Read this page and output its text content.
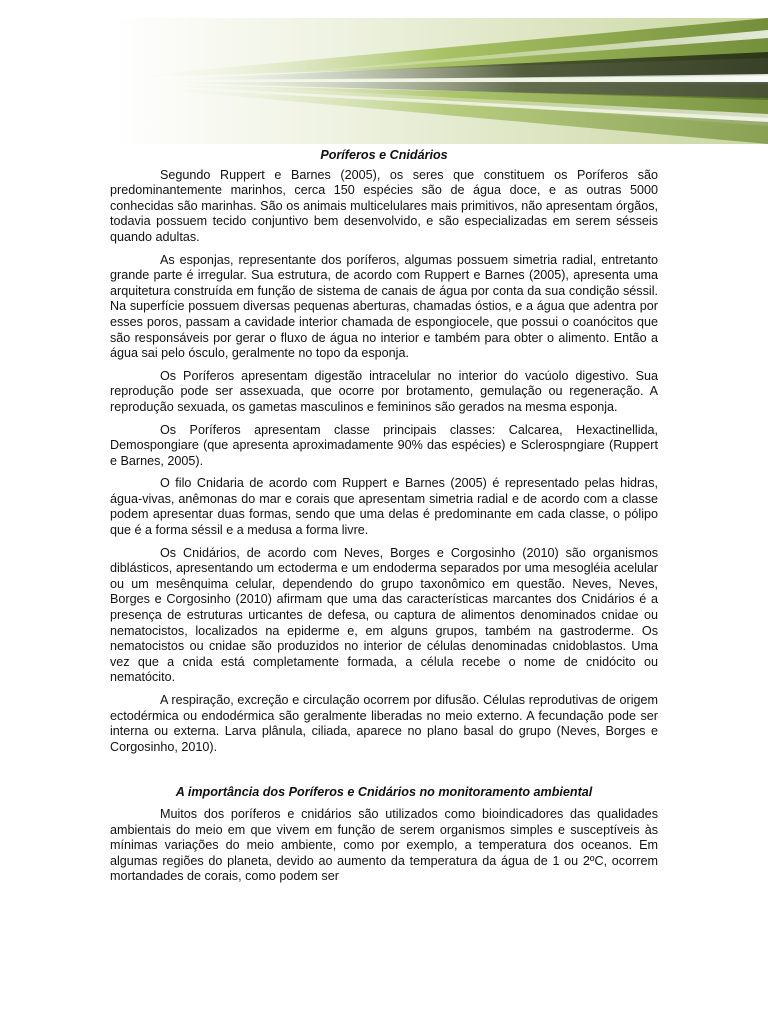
Poríferos e Cnidários

Segundo Ruppert e Barnes (2005), os seres que constituem os Poríferos são predominantemente marinhos, cerca 150 espécies são de água doce, e as outras 5000 conhecidas são marinhas. São os animais multicelulares mais primitivos, não apresentam órgãos, todavia possuem tecido conjuntivo bem desenvolvido, e são especializadas em serem sésseis quando adultas.

As esponjas, representante dos poríferos, algumas possuem simetria radial, entretanto grande parte é irregular. Sua estrutura, de acordo com Ruppert e Barnes (2005), apresenta uma arquitetura construída em função de sistema de canais de água por conta da sua condição séssil. Na superfície possuem diversas pequenas aberturas, chamadas óstios, e a água que adentra por esses poros, passam a cavidade interior chamada de espongiocele, que possui o coanócitos que são responsáveis por gerar o fluxo de água no interior e também para obter o alimento. Então a água sai pelo ósculo, geralmente no topo da esponja.

Os Poríferos apresentam digestão intracelular no interior do vacúolo digestivo. Sua reprodução pode ser assexuada, que ocorre por brotamento, gemulação ou regeneração. A reprodução sexuada, os gametas masculinos e femininos são gerados na mesma esponja.

Os Poríferos apresentam classe principais classes: Calcarea, Hexactinellida, Demospongiare (que apresenta aproximadamente 90% das espécies) e Sclerospngiare (Ruppert e Barnes, 2005).

O filo Cnidaria de acordo com Ruppert e Barnes (2005) é representado pelas hidras, água-vivas, anêmonas do mar e corais que apresentam simetria radial e de acordo com a classe podem apresentar duas formas, sendo que uma delas é predominante em cada classe, o pólipo que é a forma séssil e a medusa a forma livre.

Os Cnidários, de acordo com Neves, Borges e Corgosinho (2010) são organismos diblásticos, apresentando um ectoderma e um endoderma separados por uma mesogléia acelular ou um mesênquima celular, dependendo do grupo taxonômico em questão. Neves, Neves, Borges e Corgosinho (2010) afirmam que uma das características marcantes dos Cnidários é a presença de estruturas urticantes de defesa, ou captura de alimentos denominados cnidae ou nematocistos, localizados na epiderme e, em alguns grupos, também na gastroderme. Os nematocistos ou cnidae são produzidos no interior de células denominadas cnidoblastos. Uma vez que a cnida está completamente formada, a célula recebe o nome de cnidócito ou nematócito.

A respiração, excreção e circulação ocorrem por difusão. Células reprodutivas de origem ectodérmica ou endodérmica são geralmente liberadas no meio externo. A fecundação pode ser interna ou externa. Larva plânula, ciliada, aparece no plano basal do grupo (Neves, Borges e Corgosinho, 2010).

A importância dos Poríferos e Cnidários no monitoramento ambiental

Muitos dos poríferos e cnidários são utilizados como bioindicadores das qualidades ambientais do meio em que vivem em função de serem organismos simples e susceptíveis às mínimas variações do meio ambiente, como por exemplo, a temperatura dos oceanos. Em algumas regiões do planeta, devido ao aumento da temperatura da água de 1 ou 2ºC, ocorrem mortandades de corais, como podem ser
